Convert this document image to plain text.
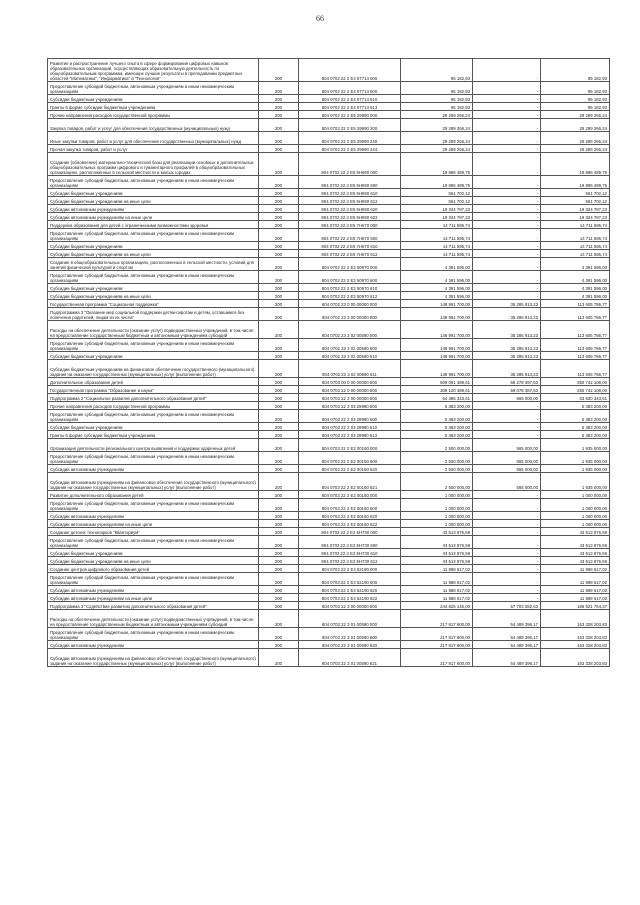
66
Развитие и распространение лучшего опыта в сфере формирования цифровых навыков образовательных организаций, осуществляющих образовательную деятельность по общеобразовательным программам, имеющих лучшие результаты в преподавании предметных областей "Математика", "Информатика" и "Технология"	200	804 0702 22 2 Е4 67714 000	95 182,93	-	95 182,93
Предоставление субсидий бюджетным, автономным учреждениям и иным некоммерческим организациям	200	804 0702 22 2 Е4 67714 600	95 182,93	-	95 182,93
Субсидии бюджетным учреждениям	200	804 0702 22 2 Е4 67714 610	95 182,93	-	95 182,93
Гранты в форме субсидии бюджетным учреждениям	200	804 0702 22 2 Е4 67714 613	95 182,93	-	95 182,93
Прочие направления расходов государственной программы	200	804 0702 22 2 Е5 29990 000	29 289 266,24	-	29 289 266,24
Закупка товаров, работ и услуг для обеспечения государственных (муниципальных) нужд	200	804 0702 22 2 Е5 29990 200	29 289 266,24	-	29 289 266,24
Иные закупки товаров, работ и услуг для обеспечения государственных (муниципальных) нужд	200	804 0702 22 2 Е5 29990 240	29 289 266,24	-	29 289 266,24
Прочая закупка товаров, работ и услуг	200	804 0702 22 2 Е5 29990 244	29 289 266,24	-	29 289 266,24
Создание (обновление) материально-технической базы для реализации основных и дополнительных общеобразовательных программ цифрового и гуманитарного профилей в общеобразовательных организациях, расположенных в сельской местности и малых городах	200	804 0702 22 2 Е5 5Н690 000	19 886 489,75	-	19 886 489,75
Предоставление субсидий бюджетным, автономным учреждениям и иным некоммерческим организациям	200	804 0702 22 2 Е5 5Н690 600	19 886 489,75	-	19 886 489,75
Субсидии бюджетным учреждениям	200	804 0702 22 2 Е5 5Н690 610	561 702,12	-	561 702,12
Субсидии бюджетным учреждениям на иные цели	200	804 0702 22 2 Е5 5Н690 612	561 702,12	-	561 702,12
Субсидии автономным учреждениям	200	804 0702 22 2 Е5 5Н690 620	19 324 787,23	-	19 324 787,23
Субсидии автономным учреждениям на иные цели	200	804 0702 22 2 Е5 5Н690 622	19 324 787,23	-	19 324 787,23
Поддержка образования для детей с ограниченными возможностями здоровья	200	804 0702 22 2 Е5 7Н670 000	14 711 595,74	-	14 711 595,74
Предоставление субсидий бюджетным, автономным учреждениям и иным некоммерческим организациям	200	804 0702 22 2 Е5 7Н670 600	14 711 595,74	-	14 711 595,74
Субсидии бюджетным учреждениям	200	804 0702 22 2 Е5 7Н670 610	14 711 595,74	-	14 711 595,74
Субсидии бюджетным учреждениям на иные цели	200	804 0702 22 2 Е5 7Н670 612	14 711 595,74	-	14 711 595,74
Создание в общеобразовательных организациях, расположенных в сельской местности, условий для занятий физической культурой и спортом	200	804 0702 22 2 Е2 50970 000	4 391 596,00	-	4 391 596,00
Предоставление субсидий бюджетным, автономным учреждениям и иным некоммерческим организациям	200	804 0702 22 2 Е2 50970 600	4 391 596,00	-	4 391 596,00
Субсидии бюджетным учреждениям	200	804 0702 22 2 Е2 50970 610	4 391 596,00	-	4 391 596,00
Субсидии бюджетным учреждениям на иные цели	200	804 0702 22 2 Е2 50970 612	4 391 596,00	-	4 391 596,00
Государственная программа "Социальная поддержка"	200	804 0702 23 0 00 00000 000	148 991 700,00	35 285 913,23	113 605 786,77
Подпрограмма 3 "Оказание мер социальной поддержки детям-сиротам и детям, оставшимся без попечения родителей, лицам из их числа"	200	804 0702 23 3 00 00000 000	148 991 700,00	35 285 913,23	113 605 786,77
Расходы на обеспечение деятельности (оказание услуг) подведомственных учреждений, в том числе на предоставление государственным бюджетным и автономным учреждениям субсидий	200	804 0702 23 3 02 00590 000	148 991 700,00	35 285 913,23	113 605 786,77
Предоставление субсидий бюджетным, автономным учреждениям и иным некоммерческим организациям	200	804 0702 23 3 02 00590 600	148 991 700,00	35 285 913,23	113 605 786,77
Субсидии бюджетным учреждениям	200	804 0702 23 3 02 00590 610	148 991 700,00	35 285 913,23	113 605 786,77
Субсидии бюджетным учреждениям на финансовое обеспечение государственного (муниципального) задания на оказание государственных (муниципальных) услуг (выполнение работ)	200	804 0702 23 3 02 00590 611	148 991 700,00	35 285 913,23	113 605 786,77
Дополнительное образование детей	200	804 0703 00 0 00 00000 000	509 091 489,61	68 278 397,63	350 742 108,00
Государственная программа "Образование и наука"	200	804 0703 22 0 00 00000 000	309 120 489,61	59 078 387,63	250 742 108,00
Подпрограмма 2 "Социальное развитие дополнительного образования детей"	200	804 0703 22 2 00 00000 000	64 385 343,61	565 000,00	63 820 343,61
Прочие направления расходов государственной программы	200	804 0703 22 2 03 29990 000	5 383 200,00	-	5 383 200,00
Предоставление субсидий бюджетным, автономным учреждениям и иным некоммерческим организациям	200	804 0703 22 2 03 29990 600	5 383 200,00	-	5 383 200,00
Субсидии бюджетным учреждениям	200	804 0703 22 2 03 29990 610	5 383 200,00	-	5 383 200,00
Гранты в форме субсидии бюджетным учреждениям	200	804 0703 22 2 03 29990 613	5 383 200,00	-	5 383 200,00
Организация деятельности регионального центра выявления и поддержки одаренных детей	200	804 0703 22 2 E2 00160 000	2 500 000,00	565 000,00	1 935 000,00
Предоставление субсидий бюджетным, автономным учреждениям и иным некоммерческим организациям	200	804 0703 22 2 E2 00160 600	2 500 000,00	565 000,00	1 935 000,00
Субсидии автономным учреждениям	200	804 0703 22 2 E2 00160 620	2 500 000,00	565 000,00	1 935 000,00
Субсидии автономным учреждениям на финансовое обеспечение государственного (муниципального) задания на оказание государственных (муниципальных) услуг (выполнение работ)	200	804 0703 22 2 E2 00160 621	2 500 000,00	565 000,00	1 935 000,00
Развитие дополнительного образования детей	200	804 0703 22 2 E2 00160 000	1 000 000,00	-	1 000 000,00
Предоставление субсидий бюджетным, автономным учреждениям и иным некоммерческим организациям	200	804 0703 22 2 E2 00160 600	1 000 000,00	-	1 000 000,00
Субсидии автономным учреждениям	200	804 0703 22 2 E2 00160 620	1 000 000,00	-	1 000 000,00
Субсидии автономным учреждениям на иные цели	200	804 0703 22 2 E2 00160 622	1 000 000,00	-	1 000 000,00
Создание детских технопарков "Кванториум"	200	804 0703 22 2 E2 5Н730 000	43 513 876,59	-	43 513 876,59
Предоставление субсидий бюджетным, автономным учреждениям и иным некоммерческим организациям	200	804 0703 22 2 E2 5Н730 600	43 513 876,59	-	43 513 876,59
Субсидии бюджетным учреждениям	200	804 0703 22 2 E2 5Н730 610	43 513 876,59	-	43 513 876,59
Субсидии бюджетным учреждениям на иные цели	200	804 0703 22 2 E2 5Н730 612	43 513 876,59	-	43 513 876,59
Создание центров цифрового образования детей	200	804 0703 22 2 E4 52190 000	11 988 617,02	-	11 988 617,02
Предоставление субсидий бюджетным, автономным учреждениям и иным некоммерческим организациям	200	804 0703 22 2 E4 52190 600	11 988 617,02	-	11 988 617,02
Субсидии автономным учреждениям	200	804 0703 22 2 E4 52190 620	11 988 617,02	-	11 988 617,02
Субсидии автономным учреждениям на иные цели	200	804 0703 22 2 E4 52190 622	11 988 617,02	-	11 988 617,02
Подпрограмма 3 "Содействие развитию дополнительного образования детей"	200	804 0703 22 3 00 00000 000	244 825 146,00	57 703 382,63	186 521 764,37
Расходы на обеспечение деятельности (оказание услуг) подведомственных учреждений, в том числе на предоставление государственным бюджетным и автономным учреждениям субсидий	200	804 0703 22 3 01 00590 000	217 817 600,00	54 489 396,17	163 328 203,83
Предоставление субсидий бюджетным, автономным учреждениям и иным некоммерческим организациям	200	804 0703 22 3 01 00590 600	217 817 600,00	54 489 396,17	163 328 203,83
Субсидии автономным учреждениям	200	804 0703 22 3 01 00590 620	217 817 600,00	54 489 396,17	163 328 203,83
Субсидии автономным учреждениям на финансовое обеспечение государственного (муниципального) задания на оказание государственных (муниципальных) услуг (выполнение работ)	200	804 0703 22 3 01 00590 621	217 817 600,00	54 489 396,17	163 328 203,83
